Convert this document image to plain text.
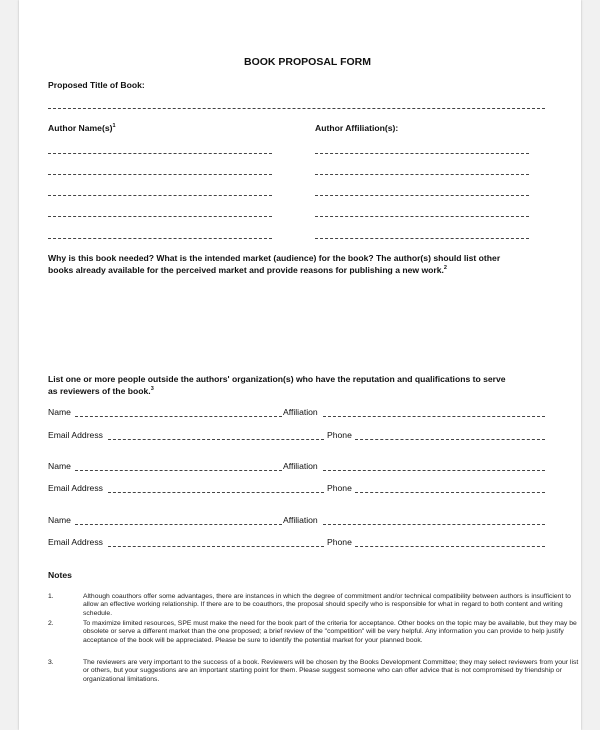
BOOK PROPOSAL FORM
Proposed Title of Book:
Author $Name(s)^1$	Author Affiliation(s):
Why is this book needed? What is the intended market (audience) for the book? The author(s) should list other
books already available for the perceived market and provide reasons for publishing a new work.$^2$
List one or more people outside the authors' organization(s) who have the reputation and qualifications to serve
as reviewers of the book.$^3$
Name	Affiliation
Email Address	Phone
Name	Affiliation
Email Address	Phone
Name	Affiliation
Email Address	Phone
Notes
1.	Although coauthors offer some advantages, there are instances in which the degree of commitment and/or technical compatibility between authors is insufficient to allow an effective working relationship. If there are to be coauthors, the proposal should specify who is responsible for what in regard to both content and writing schedule.
2.	To maximize limited resources, SPE must make the need for the book part of the criteria for acceptance. Other books on the topic may be available, but they may be obsolete or serve a different market than the one proposed; a brief review of the "competition" will be very helpful. Any information you can provide to help justify acceptance of the book will be appreciated. Please be sure to identify the potential market for your planned book.
3.	The reviewers are very important to the success of a book. Reviewers will be chosen by the Books Development Committee; they may select reviewers from your list or others, but your suggestions are an important starting point for them. Please suggest someone who can offer advice that is not compromised by friendship or organizational limitations.
